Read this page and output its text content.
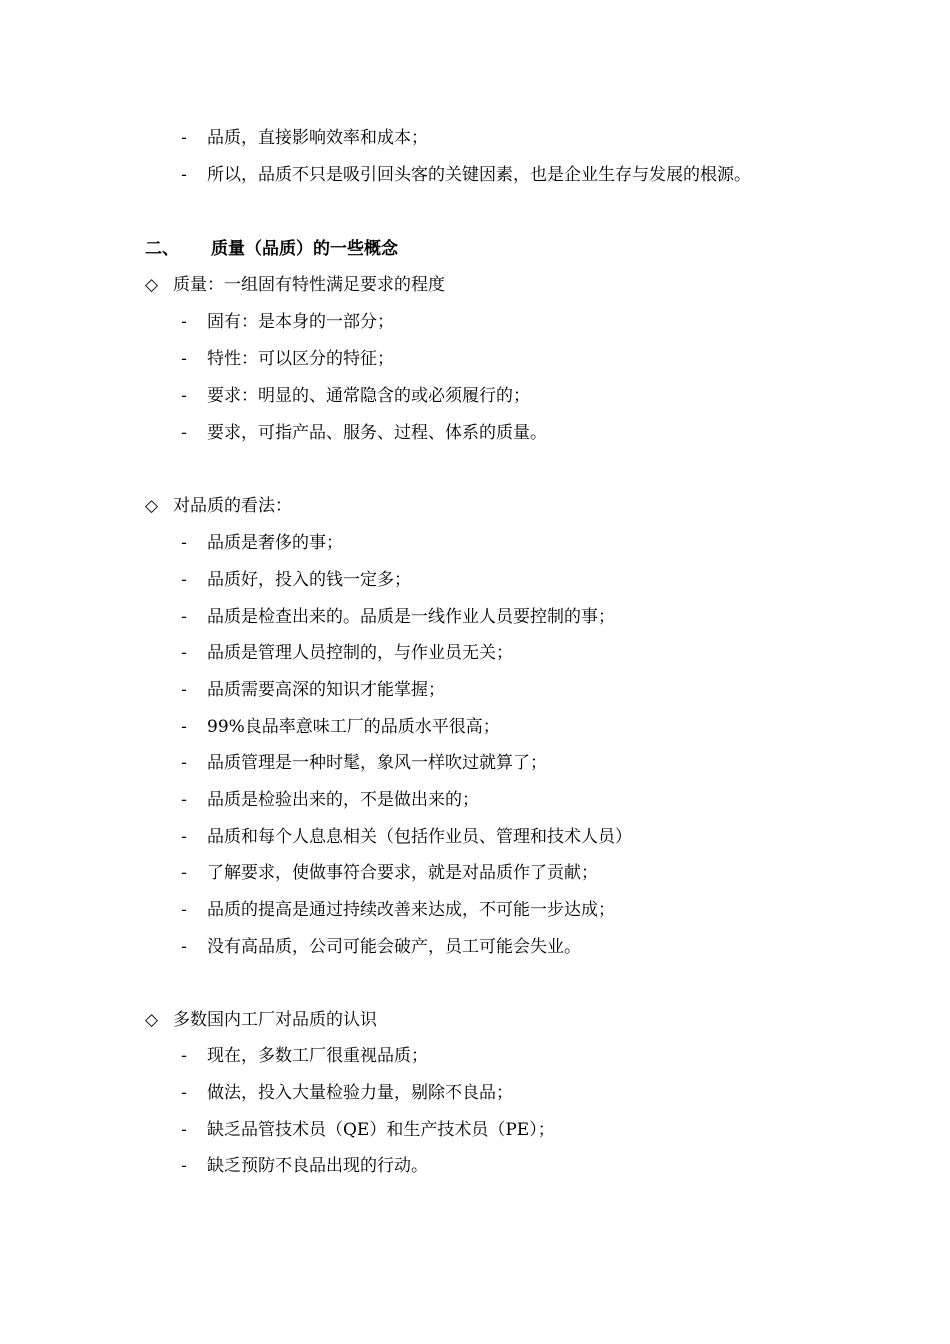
- 品质，直接影响效率和成本；
- 所以，品质不只是吸引回头客的关键因素，也是企业生存与发展的根源。
二、 质量（品质）的一些概念
◇ 质量：一组固有特性满足要求的程度
- 固有：是本身的一部分；
- 特性：可以区分的特征；
- 要求：明显的、通常隐含的或必须履行的；
- 要求，可指产品、服务、过程、体系的质量。
◇ 对品质的看法：
- 品质是奢侈的事；
- 品质好，投入的钱一定多；
- 品质是检查出来的。品质是一线作业人员要控制的事；
- 品质是管理人员控制的，与作业员无关；
- 品质需要高深的知识才能掌握；
- 99%良品率意味工厂的品质水平很高；
- 品质管理是一种时髦，象风一样吹过就算了；
- 品质是检验出来的，不是做出来的；
- 品质和每个人息息相关（包括作业员、管理和技术人员）
- 了解要求，使做事符合要求，就是对品质作了贡献；
- 品质的提高是通过持续改善来达成，不可能一步达成；
- 没有高品质，公司可能会破产，员工可能会失业。
◇ 多数国内工厂对品质的认识
- 现在，多数工厂很重视品质；
- 做法，投入大量检验力量，剔除不良品；
- 缺乏品管技术员（QE）和生产技术员（PE）；
- 缺乏预防不良品出现的行动。
